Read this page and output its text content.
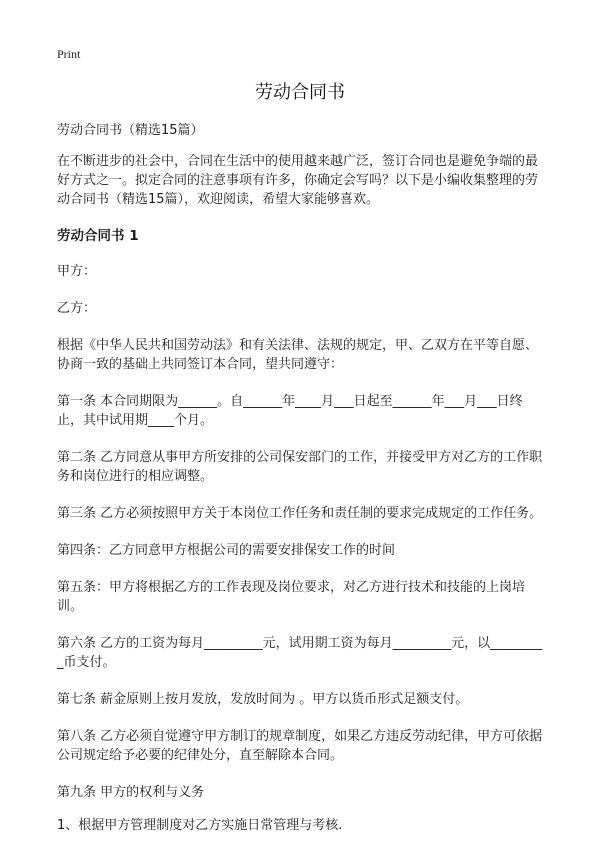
Print
劳动合同书

劳动合同书（精选15篇）

在不断进步的社会中，合同在生活中的使用越来越广泛，签订合同也是避免争端的最好方式之一。拟定合同的注意事项有许多，你确定会写吗？以下是小编收集整理的劳动合同书（精选15篇），欢迎阅读，希望大家能够喜欢。

劳动合同书 1

甲方：

乙方：

根据《中华人民共和国劳动法》和有关法律、法规的规定，甲、乙双方在平等自愿、协商一致的基础上共同签订本合同，望共同遵守：

第一条 本合同期限为______。自______年____月___日起至______年___月___日终止，其中试用期____个月。

第二条 乙方同意从事甲方所安排的公司保安部门的工作，并接受甲方对乙方的工作职务和岗位进行的相应调整。

第三条 乙方必须按照甲方关于本岗位工作任务和责任制的要求完成规定的工作任务。

第四条：乙方同意甲方根据公司的需要安排保安工作的时间

第五条：甲方将根据乙方的工作表现及岗位要求，对乙方进行技术和技能的上岗培训。

第六条 乙方的工资为每月_________元，试用期工资为每月_________元，以_________币支付。

第七条 薪金原则上按月发放，发放时间为 。甲方以货币形式足额支付。

第八条 乙方必须自觉遵守甲方制订的规章制度，如果乙方违反劳动纪律，甲方可依据公司规定给予必要的纪律处分，直至解除本合同。

第九条 甲方的权利与义务

1、根据甲方管理制度对乙方实施日常管理与考核.
